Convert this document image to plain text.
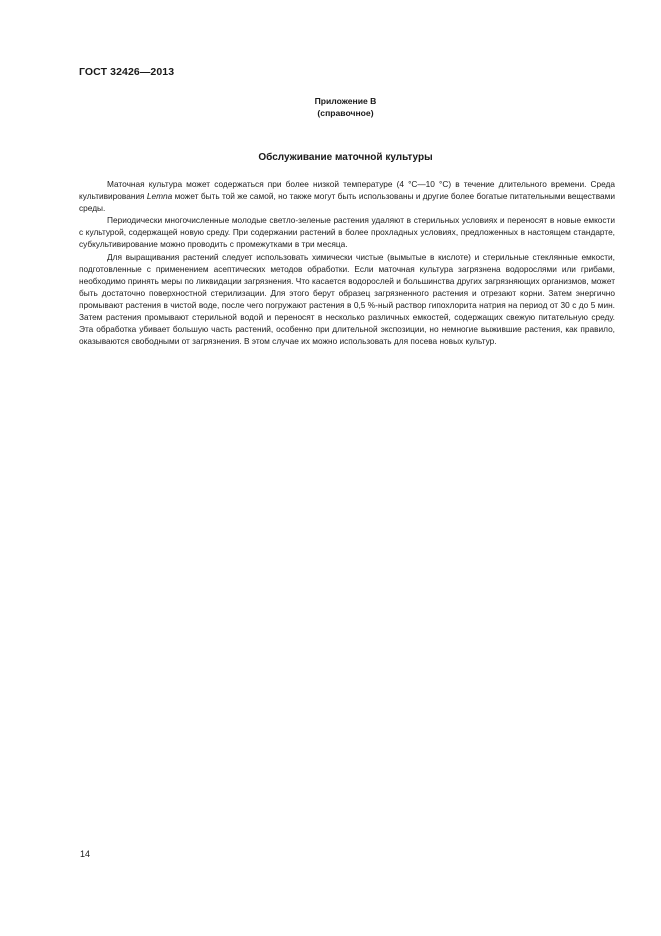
ГОСТ 32426—2013
Приложение В
(справочное)
Обслуживание маточной культуры

Маточная культура может содержаться при более низкой температуре (4 °С—10 °С) в течение длительного времени. Среда культивирования Lemna может быть той же самой, но также могут быть использованы и другие более богатые питательными веществами среды.

Периодически многочисленные молодые светло-зеленые растения удаляют в стерильных условиях и переносят в новые емкости с культурой, содержащей новую среду. При содержании растений в более прохладных условиях, предложенных в настоящем стандарте, субкультивирование можно проводить с промежутками в три месяца.

Для выращивания растений следует использовать химически чистые (вымытые в кислоте) и стерильные стеклянные емкости, подготовленные с применением асептических методов обработки. Если маточная культура загрязнена водорослями или грибами, необходимо принять меры по ликвидации загрязнения. Что касается водорослей и большинства других загрязняющих организмов, может быть достаточно поверхностной стерилизации. Для этого берут образец загрязненного растения и отрезают корни. Затем энергично промывают растения в чистой воде, после чего погружают растения в 0,5 %-ный раствор гипохлорита натрия на период от 30 с до 5 мин. Затем растения промывают стерильной водой и переносят в несколько различных емкостей, содержащих свежую питательную среду. Эта обработка убивает большую часть растений, особенно при длительной экспозиции, но немногие выжившие растения, как правило, оказываются свободными от загрязнения. В этом случае их можно использовать для посева новых культур.

14
